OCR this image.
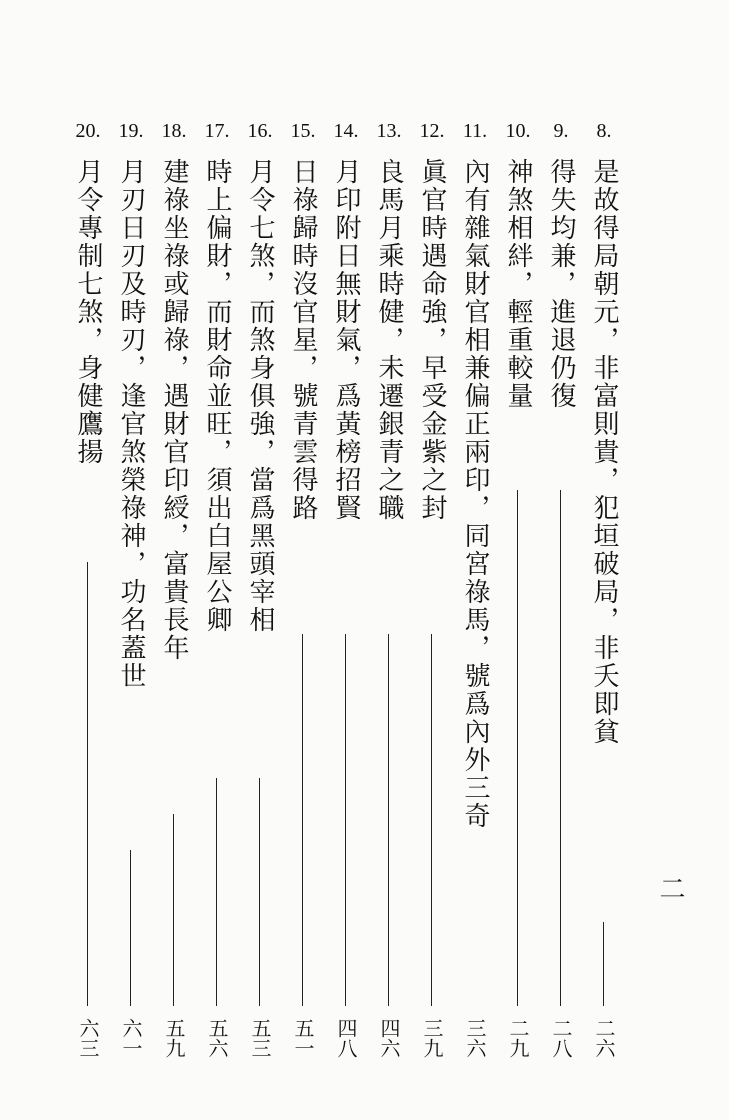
二
8.
是故得局朝元，非富則貴，犯垣破局，非夭即貧
二六
9.
得失均兼，進退仍復
二八
10.
神煞相絆，輕重較量
二九
11.
內有雜氣財官相兼偏正兩印，同宮祿馬，號爲內外三奇
三六
12.
眞官時遇命強，早受金紫之封
三九
13.
良馬月乘時健，未遷銀青之職
四六
14.
月印附日無財氣，爲黃榜招賢
四八
15.
日祿歸時沒官星，號青雲得路
五一
16.
月令七煞，而煞身俱強，當爲黑頭宰相
五三
17.
時上偏財，而財命並旺，須出白屋公卿
五六
18.
建祿坐祿或歸祿，遇財官印綬，富貴長年
五九
19.
月刃日刃及時刃，逢官煞榮祿神，功名蓋世
六一
20.
月令專制七煞，身健鷹揚
六三
